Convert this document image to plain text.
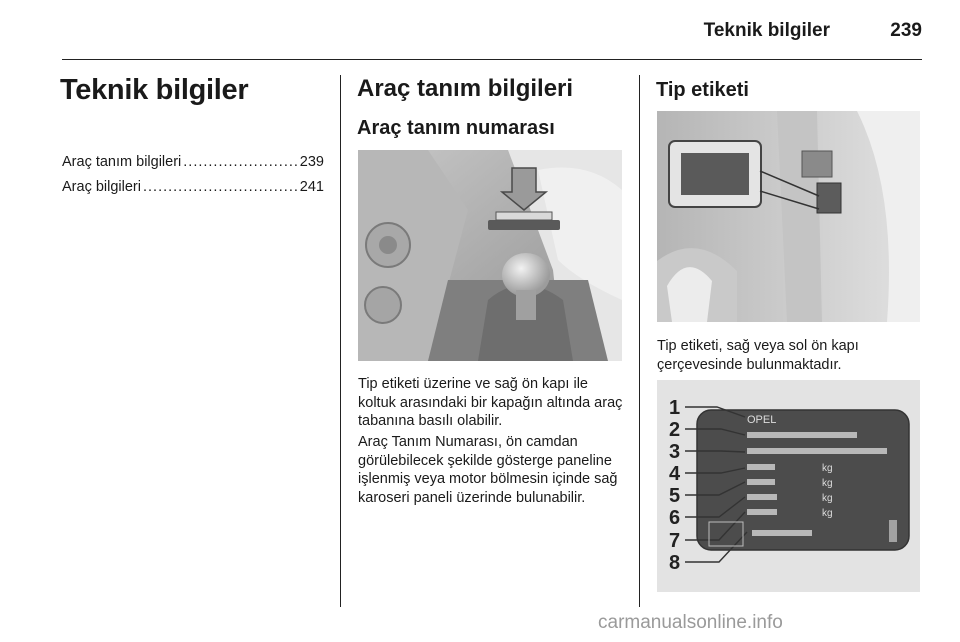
Teknik bilgiler	239
Teknik bilgiler
Araç tanım bilgileri .....	239
Araç bilgileri .....	241
Araç tanım bilgileri
Araç tanım numarası
Tip etiketi üzerine ve sağ ön kapı ile koltuk arasındaki bir kapağın altında araç tabanına basılı olabilir.
Araç Tanım Numarası, ön camdan görülebilecek şekilde gösterge paneline işlenmiş veya motor bölmesin içinde sağ karoseri paneli üzerinde bulunabilir.
Tip etiketi
Tip etiketi, sağ veya sol ön kapı çerçevesinde bulunmaktadır.
1
2
3
4
5
6
7
8
OPEL
kg
kg
kg
kg
carmanualsonline.info
